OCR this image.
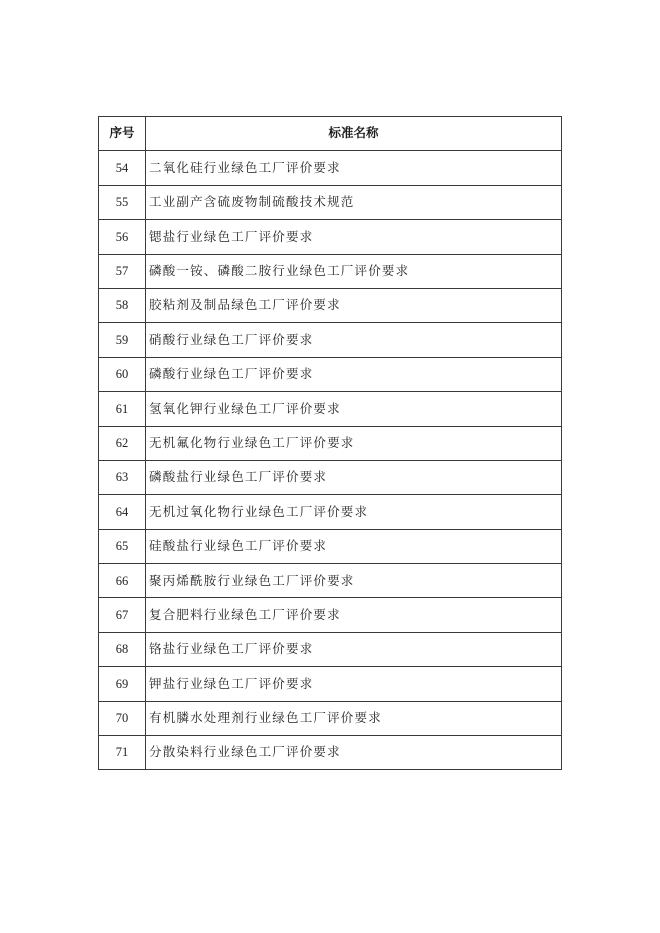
序号	标准名称
54	二氧化硅行业绿色工厂评价要求
55	工业副产含硫废物制硫酸技术规范
56	锶盐行业绿色工厂评价要求
57	磷酸一铵、磷酸二胺行业绿色工厂评价要求
58	胶粘剂及制品绿色工厂评价要求
59	硝酸行业绿色工厂评价要求
60	磷酸行业绿色工厂评价要求
61	氢氧化钾行业绿色工厂评价要求
62	无机氟化物行业绿色工厂评价要求
63	磷酸盐行业绿色工厂评价要求
64	无机过氧化物行业绿色工厂评价要求
65	硅酸盐行业绿色工厂评价要求
66	聚丙烯酰胺行业绿色工厂评价要求
67	复合肥料行业绿色工厂评价要求
68	铬盐行业绿色工厂评价要求
69	钾盐行业绿色工厂评价要求
70	有机膦水处理剂行业绿色工厂评价要求
71	分散染料行业绿色工厂评价要求
